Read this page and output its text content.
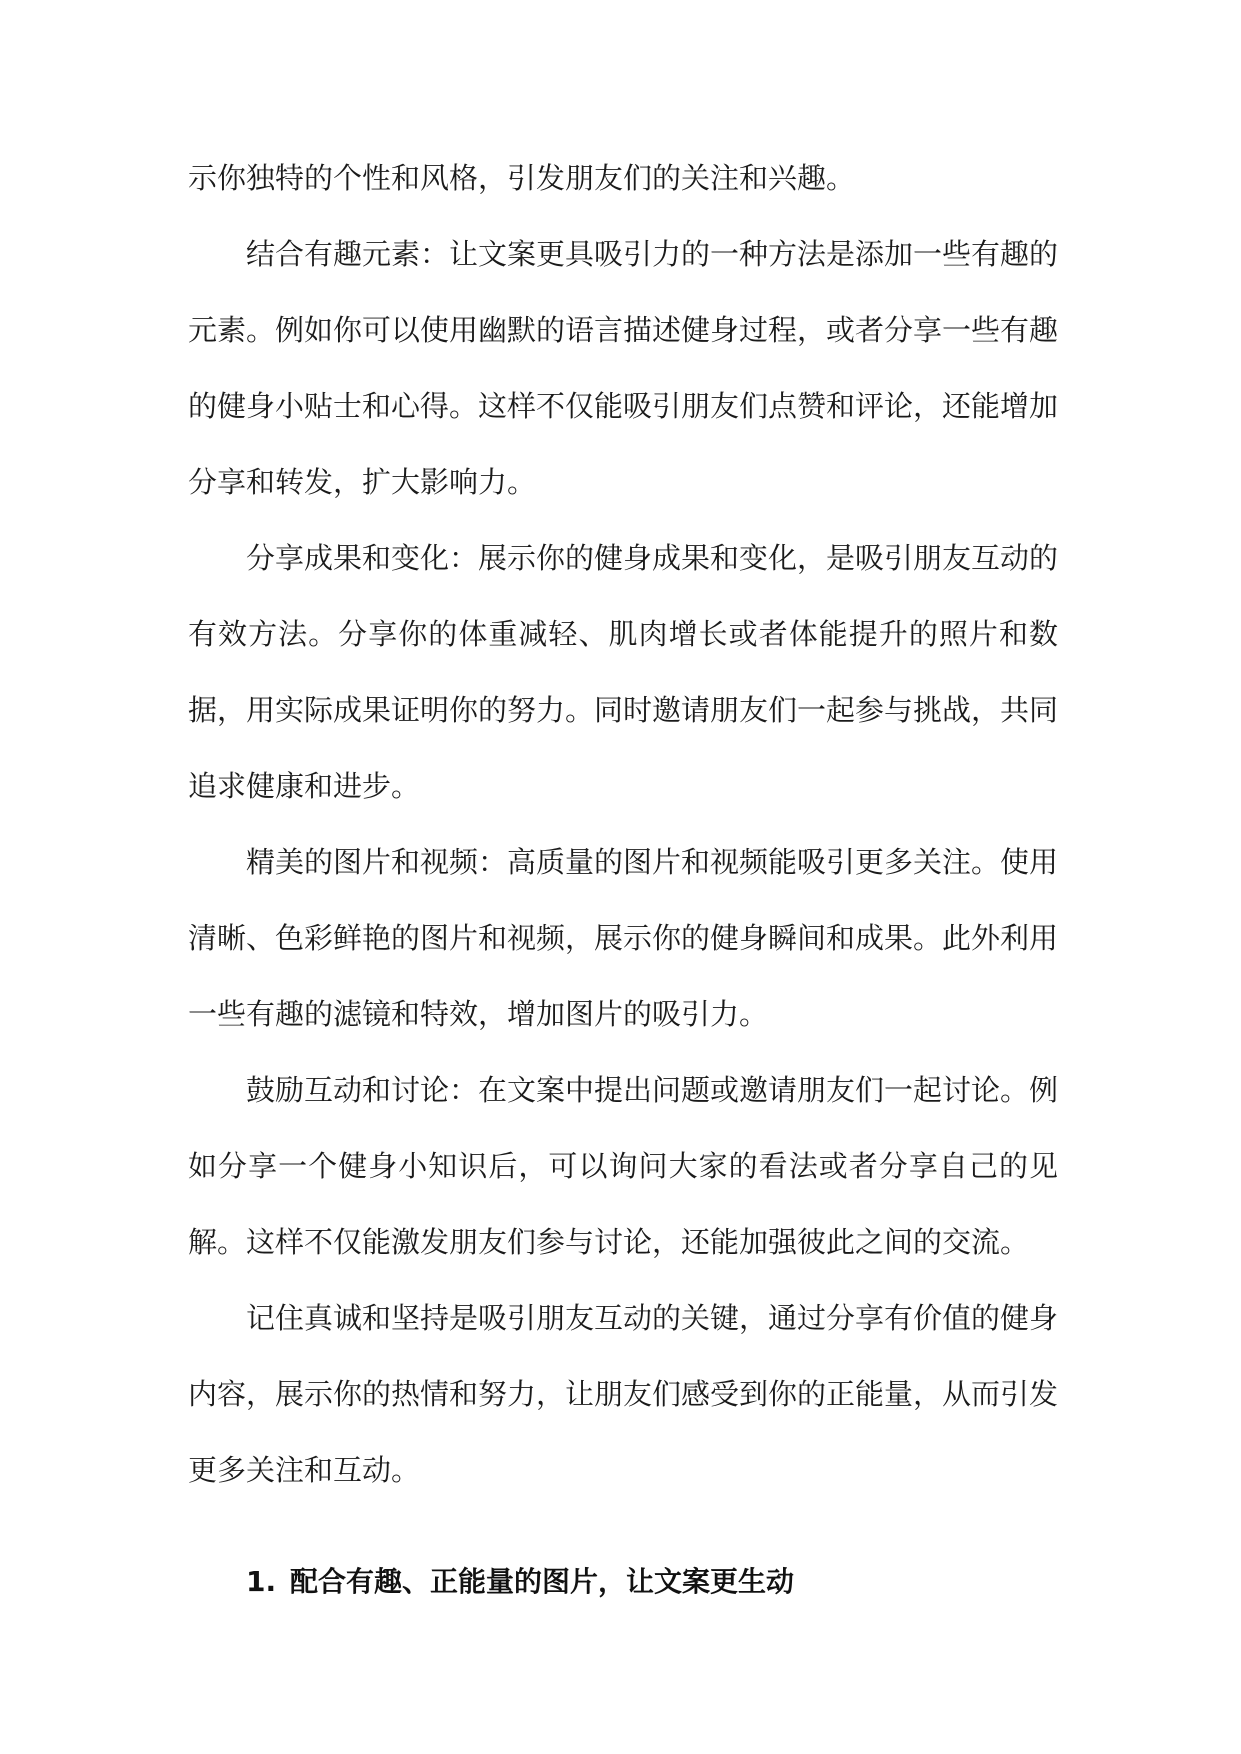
示你独特的个性和风格，引发朋友们的关注和兴趣。

结合有趣元素：让文案更具吸引力的一种方法是添加一些有趣的元素。例如你可以使用幽默的语言描述健身过程，或者分享一些有趣的健身小贴士和心得。这样不仅能吸引朋友们点赞和评论，还能增加分享和转发，扩大影响力。

分享成果和变化：展示你的健身成果和变化，是吸引朋友互动的有效方法。分享你的体重减轻、肌肉增长或者体能提升的照片和数据，用实际成果证明你的努力。同时邀请朋友们一起参与挑战，共同追求健康和进步。

精美的图片和视频：高质量的图片和视频能吸引更多关注。使用清晰、色彩鲜艳的图片和视频，展示你的健身瞬间和成果。此外利用一些有趣的滤镜和特效，增加图片的吸引力。

鼓励互动和讨论：在文案中提出问题或邀请朋友们一起讨论。例如分享一个健身小知识后，可以询问大家的看法或者分享自己的见解。这样不仅能激发朋友们参与讨论，还能加强彼此之间的交流。

记住真诚和坚持是吸引朋友互动的关键，通过分享有价值的健身内容，展示你的热情和努力，让朋友们感受到你的正能量，从而引发更多关注和互动。

1. 配合有趣、正能量的图片，让文案更生动
